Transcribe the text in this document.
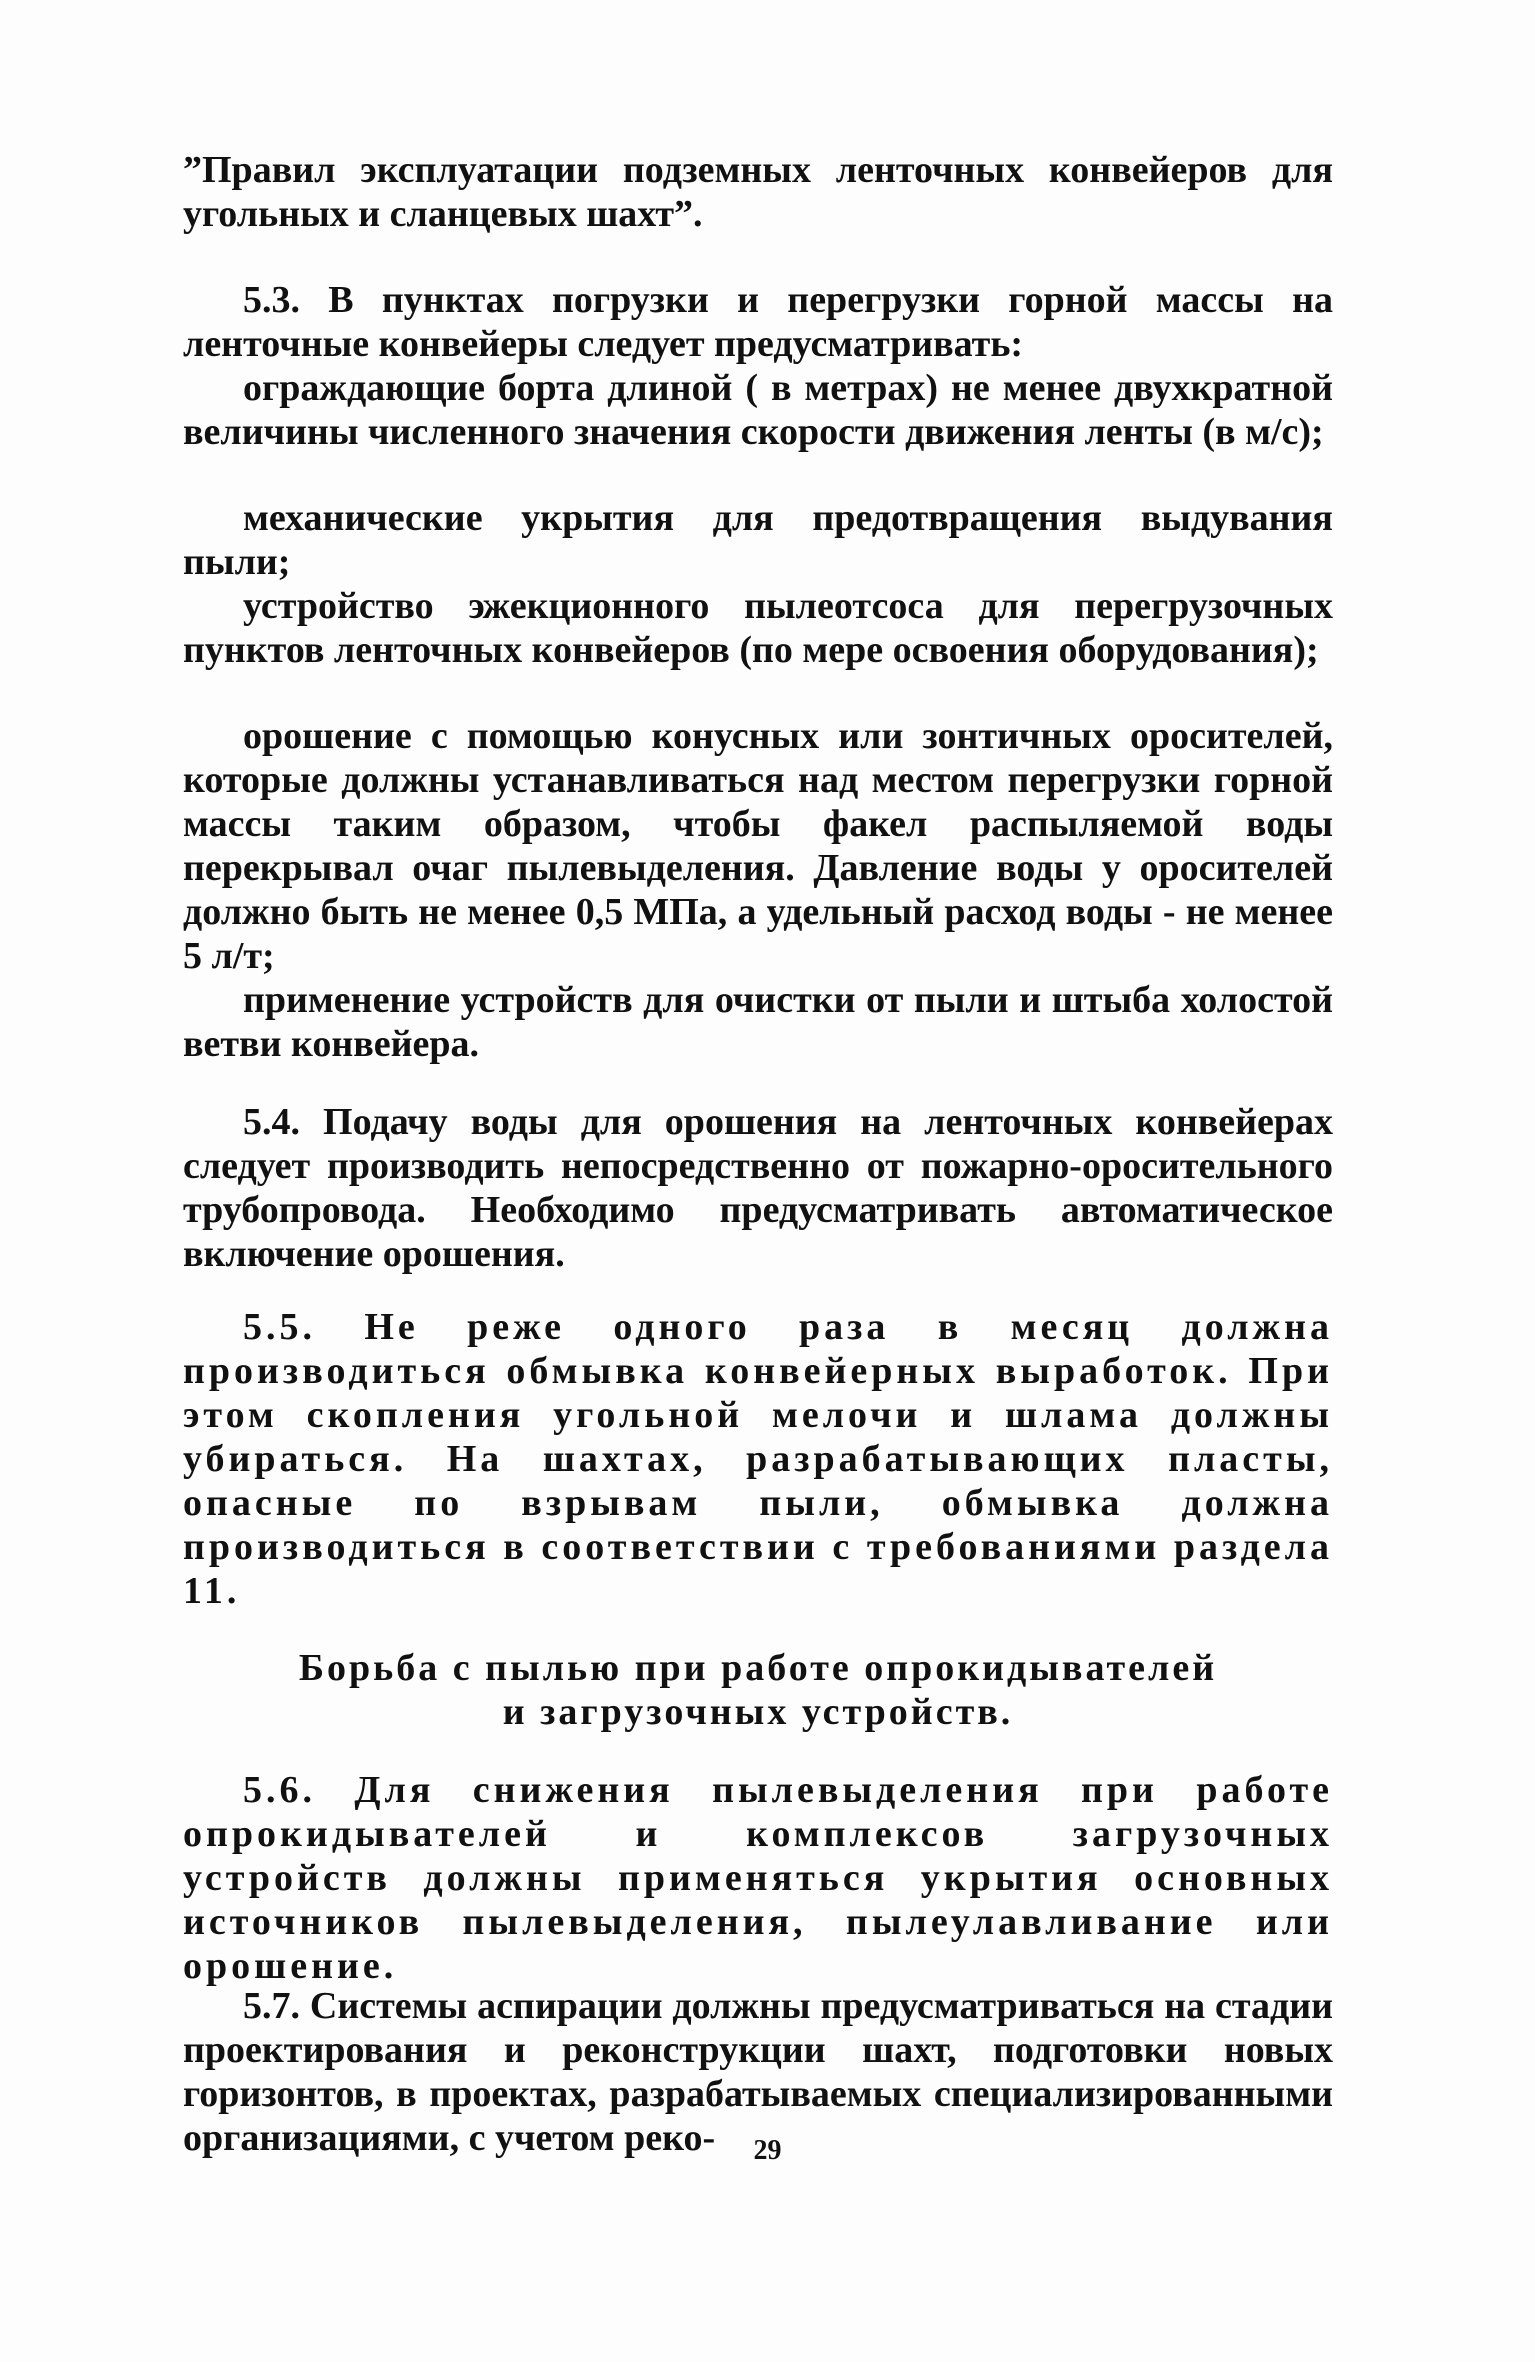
”Правил эксплуатации подземных ленточных конвейеров для угольных и сланцевых шахт”.

5.3. В пунктах погрузки и перегрузки горной массы на ленточные конвейеры следует предусматривать:

ограждающие борта длиной ( в метрах) не менее двухкратной величины численного значения скорости движения ленты (в м/с);

механические укрытия для предотвращения выдувания пыли;

устройство эжекционного пылеотсоса для перегрузочных пунктов ленточных конвейеров (по мере освоения оборудования);

орошение с помощью конусных или зонтичных оросителей, которые должны устанавливаться над местом перегрузки горной массы таким образом, чтобы факел распыляемой воды перекрывал очаг пылевыделения. Давление воды у оросителей должно быть не менее 0,5 МПа, а удельный расход воды - не менее 5 л/т;

применение устройств для очистки от пыли и штыба холостой ветви конвейера.

5.4. Подачу воды для орошения на ленточных конвейерах следует производить непосредственно от пожарно-оросительного трубопровода. Необходимо предусматривать автоматическое включение орошения.

5.5. Не реже одного раза в месяц должна производиться обмывка конвейерных выработок. При этом скопления угольной мелочи и шлама должны убираться. На шахтах, разрабатывающих пласты, опасные по взрывам пыли, обмывка должна производиться в соответствии с требованиями раздела 11.

Борьба с пылью при работе опрокидывателей
и загрузочных устройств.

5.6. Для снижения пылевыделения при работе опрокидывателей и комплексов загрузочных устройств должны применяться укрытия основных источников пылевыделения, пылеулавливание или орошение.

5.7. Системы аспирации должны предусматриваться на стадии проектирования и реконструкции шахт, подготовки новых горизонтов, в проектах, разрабатываемых специализированными организациями, с учетом реко-	29
